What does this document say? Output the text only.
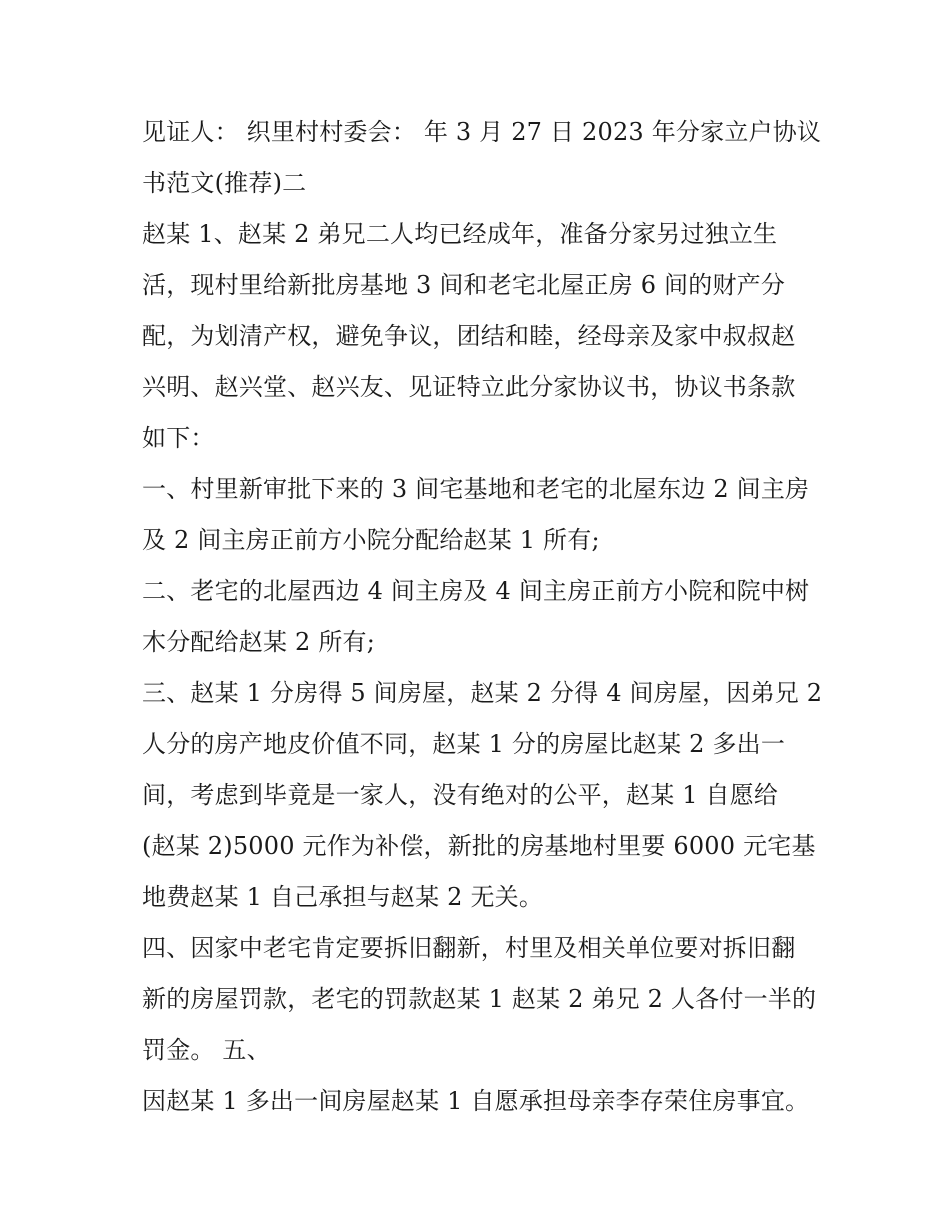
见证人： 织里村村委会： 年 3 月 27 日 2023 年分家立户协议
书范文(推荐)二
赵某 1、赵某 2 弟兄二人均已经成年，准备分家另过独立生
活，现村里给新批房基地 3 间和老宅北屋正房 6 间的财产分
配，为划清产权，避免争议，团结和睦，经母亲及家中叔叔赵
兴明、赵兴堂、赵兴友、见证特立此分家协议书，协议书条款
如下：
一、村里新审批下来的 3 间宅基地和老宅的北屋东边 2 间主房
及 2 间主房正前方小院分配给赵某 1 所有;
二、老宅的北屋西边 4 间主房及 4 间主房正前方小院和院中树
木分配给赵某 2 所有;
三、赵某 1 分房得 5 间房屋，赵某 2 分得 4 间房屋，因弟兄 2
人分的房产地皮价值不同，赵某 1 分的房屋比赵某 2 多出一
间，考虑到毕竟是一家人，没有绝对的公平，赵某 1 自愿给
(赵某 2)5000 元作为补偿，新批的房基地村里要 6000 元宅基
地费赵某 1 自己承担与赵某 2 无关。
四、因家中老宅肯定要拆旧翻新，村里及相关单位要对拆旧翻
新的房屋罚款，老宅的罚款赵某 1 赵某 2 弟兄 2 人各付一半的
罚金。 五、
因赵某 1 多出一间房屋赵某 1 自愿承担母亲李存荣住房事宜。
